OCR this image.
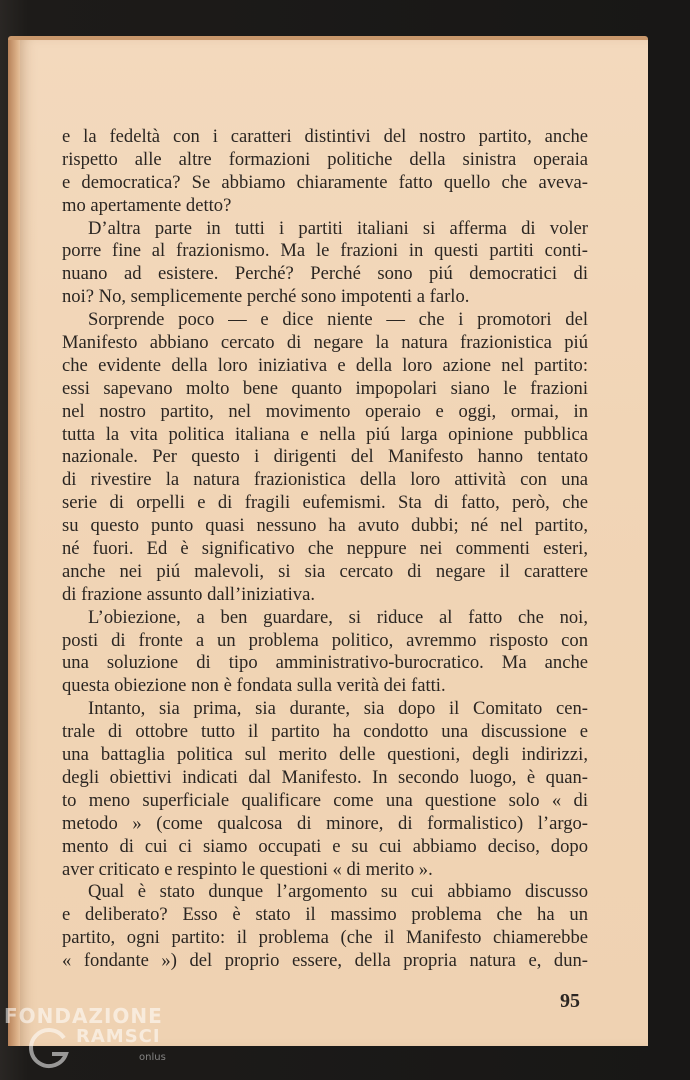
e la fedeltà con i caratteri distintivi del nostro partito, anche
rispetto alle altre formazioni politiche della sinistra operaia
e democratica? Se abbiamo chiaramente fatto quello che aveva-
mo apertamente detto?
D’altra parte in tutti i partiti italiani si afferma di voler
porre fine al frazionismo. Ma le frazioni in questi partiti conti-
nuano ad esistere. Perché? Perché sono piú democratici di
noi? No, semplicemente perché sono impotenti a farlo.
Sorprende poco — e dice niente — che i promotori del
Manifesto abbiano cercato di negare la natura frazionistica piú
che evidente della loro iniziativa e della loro azione nel partito:
essi sapevano molto bene quanto impopolari siano le frazioni
nel nostro partito, nel movimento operaio e oggi, ormai, in
tutta la vita politica italiana e nella piú larga opinione pubblica
nazionale. Per questo i dirigenti del Manifesto hanno tentato
di rivestire la natura frazionistica della loro attività con una
serie di orpelli e di fragili eufemismi. Sta di fatto, però, che
su questo punto quasi nessuno ha avuto dubbi; né nel partito,
né fuori. Ed è significativo che neppure nei commenti esteri,
anche nei piú malevoli, si sia cercato di negare il carattere
di frazione assunto dall’iniziativa.
L’obiezione, a ben guardare, si riduce al fatto che noi,
posti di fronte a un problema politico, avremmo risposto con
una soluzione di tipo amministrativo-burocratico. Ma anche
questa obiezione non è fondata sulla verità dei fatti.
Intanto, sia prima, sia durante, sia dopo il Comitato cen-
trale di ottobre tutto il partito ha condotto una discussione e
una battaglia politica sul merito delle questioni, degli indirizzi,
degli obiettivi indicati dal Manifesto. In secondo luogo, è quan-
to meno superficiale qualificare come una questione solo « di
metodo » (come qualcosa di minore, di formalistico) l’argo-
mento di cui ci siamo occupati e su cui abbiamo deciso, dopo
aver criticato e respinto le questioni « di merito ».
Qual è stato dunque l’argomento su cui abbiamo discusso
e deliberato? Esso è stato il massimo problema che ha un
partito, ogni partito: il problema (che il Manifesto chiamerebbe
« fondante ») del proprio essere, della propria natura e, dun-
95
FONDAZIONE
RAMSCI
onlus
